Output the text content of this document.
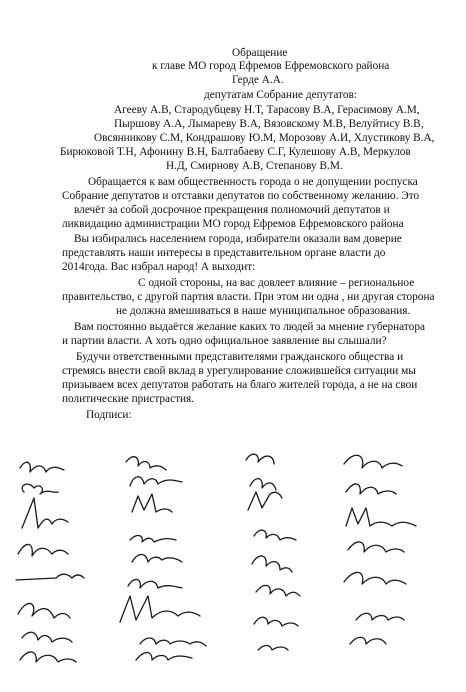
Обращение
к главе МО город Ефремов Ефремовского района
Герде А.А.
депутатам Собрание депутатов:
Агееву А.В, Стародубцеву Н.Т, Тарасову В.А, Герасимову А.М,
Пыршову А.А, Лымареву В.А, Вязовскому М.В, Велуйтису В.В,
Овсянникову С.М, Кондрашову Ю.М, Морозову А.И, Хлустикову В.А,
Бирюковой Т.Н, Афонину В.Н, Балтабаеву С.Г, Кулешову А.В, Меркулов
Н.Д, Смирнову А.В, Степанову В.М.
Обращается к вам общественность города о не допущении роспуска
Собрание депутатов и отставки депутатов по собственному желанию. Это
влечёт за собой досрочное прекращения полномочий депутатов и
ликвидацию администрации МО город Ефремов Ефремовского района
Вы избирались населением города, избиратели оказали вам доверие
представлять наши интересы в представительном органе власти до
2014года. Вас избрал народ! А выходит:
С одной стороны, на вас довлеет влияние – региональное
правительство, с другой партия власти. При этом ни одна , ни другая сторона
не должна вмешиваться в наше муниципальное образования.
Вам постоянно выдаётся желание каких то людей за мнение губернатора
и партии власти. А хоть одно официальное заявление вы слышали?
Будучи ответственными представителями гражданского общества и
стремясь внести свой вклад в урегулирование сложившейся ситуации мы
призываем всех депутатов работать на благо жителей города, а не на свои
политические пристрастия.
Подписи:
